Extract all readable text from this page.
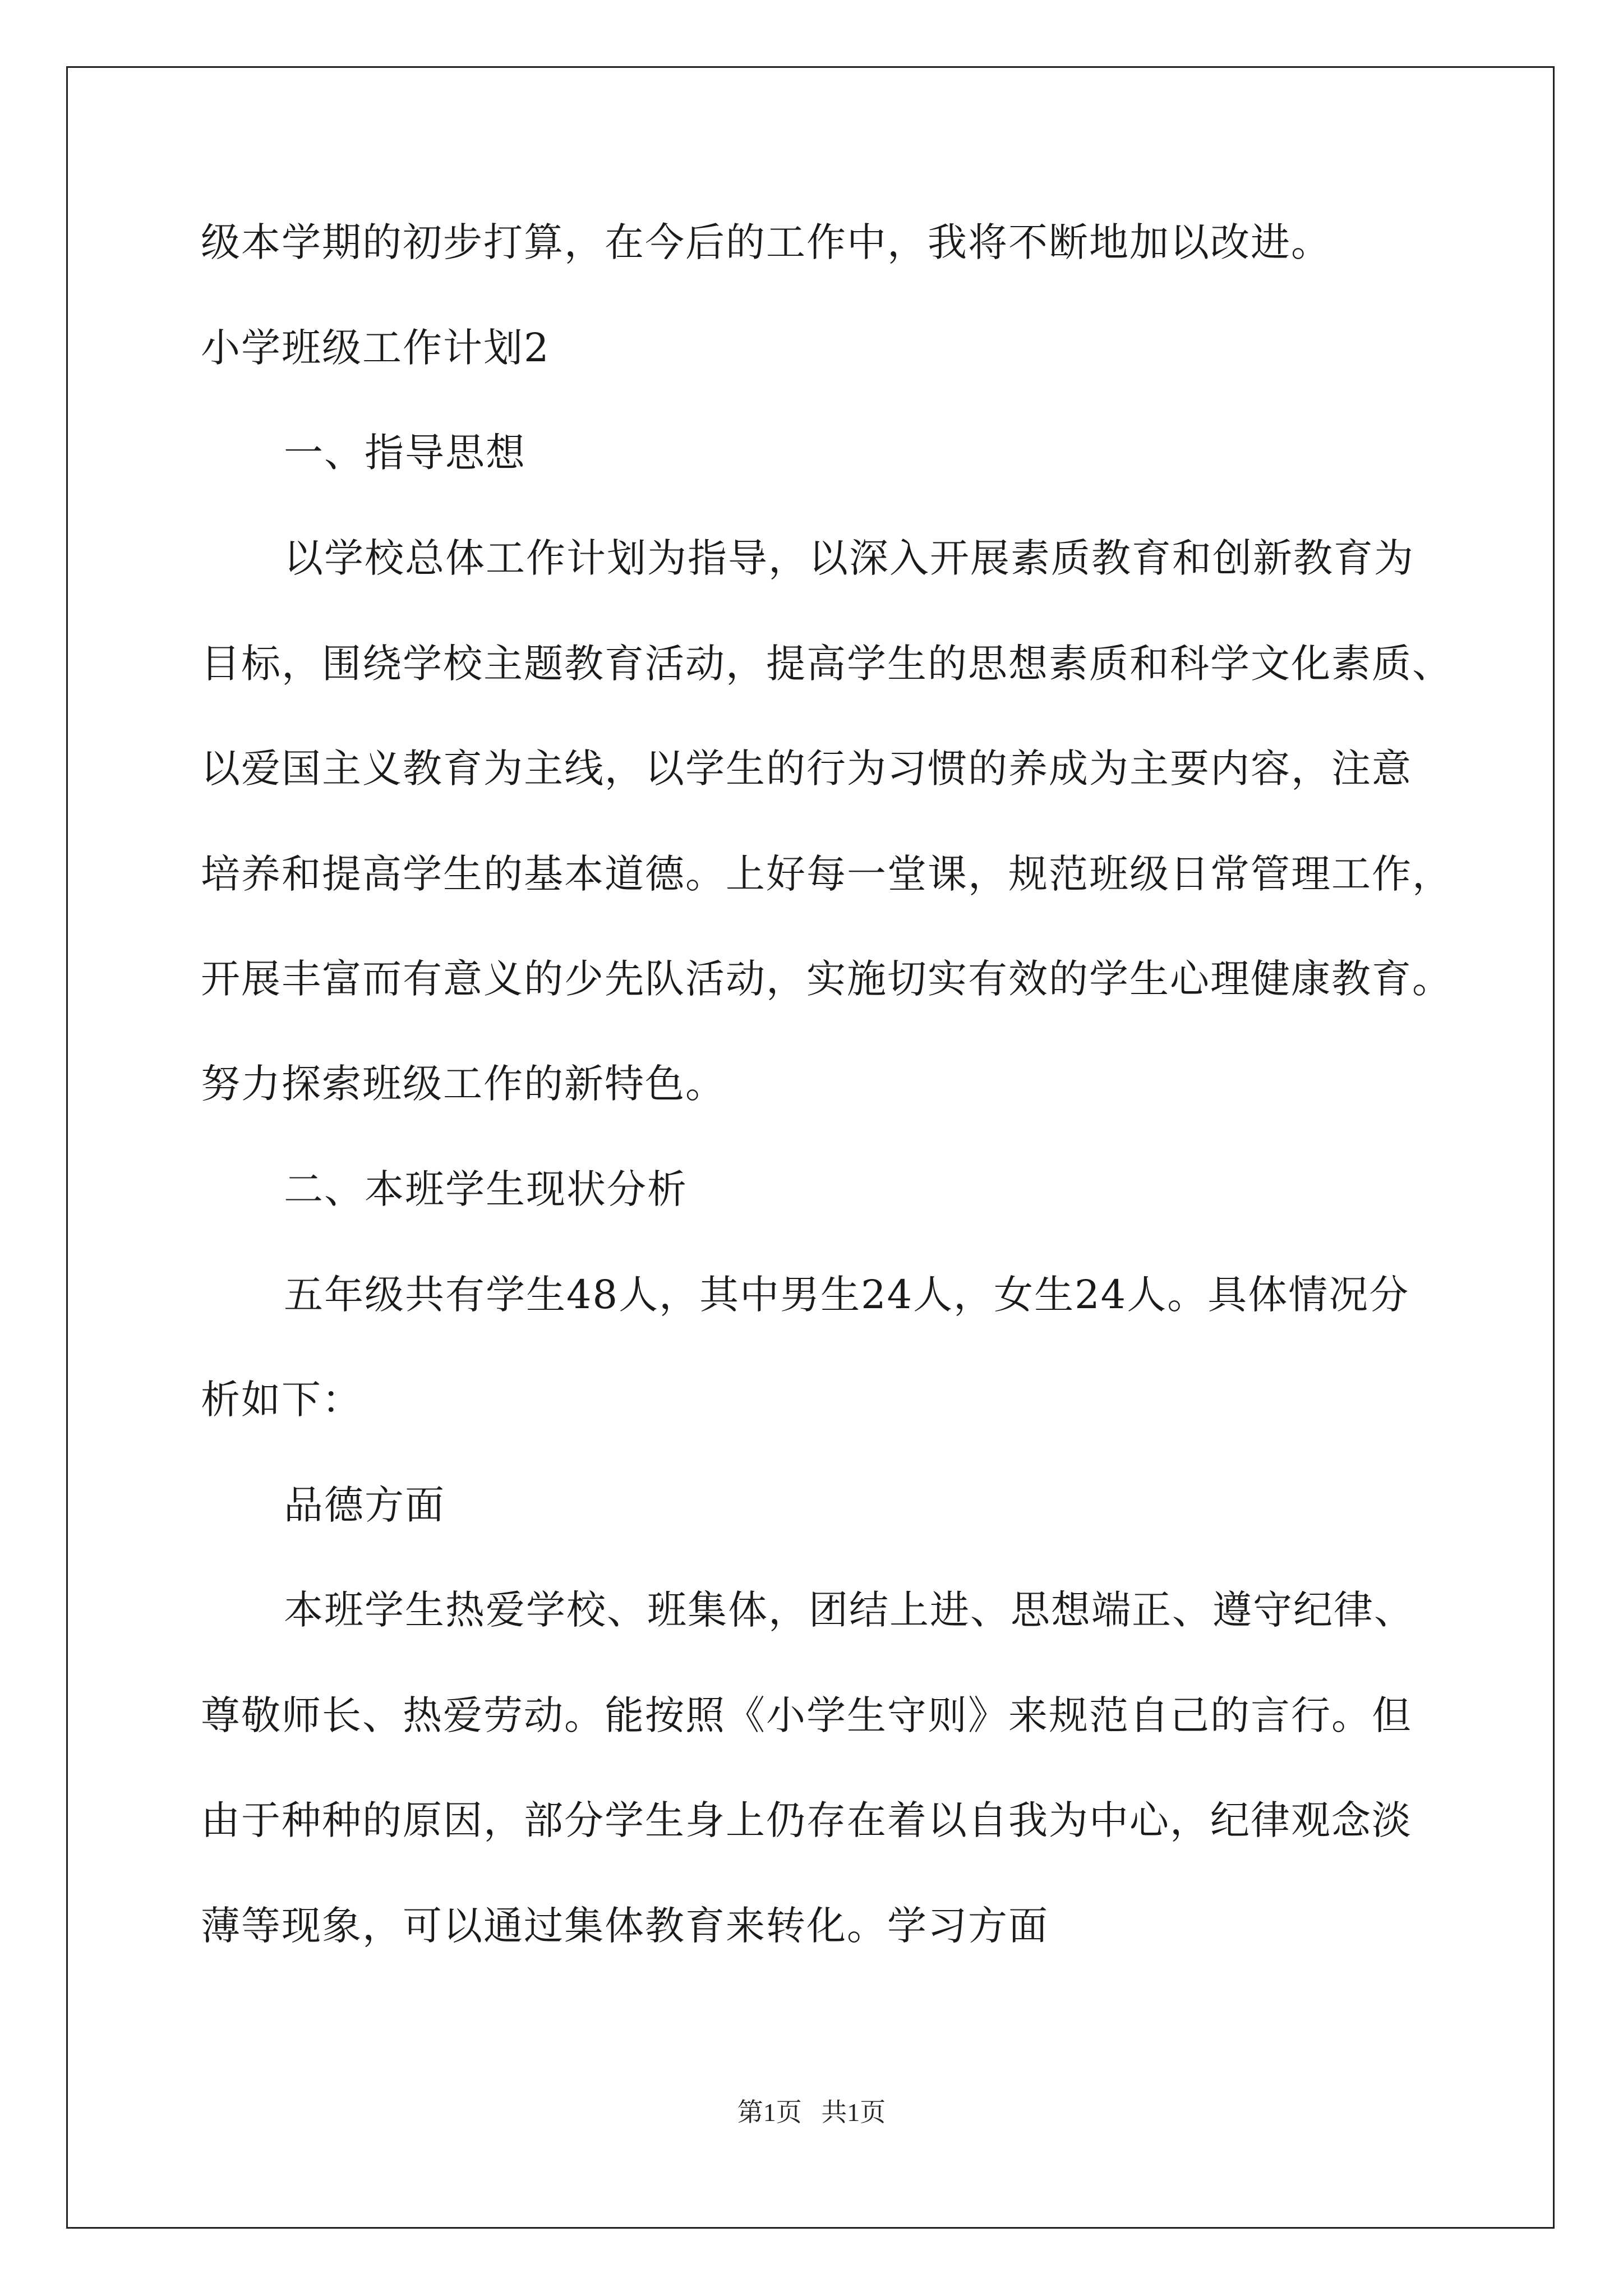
级本学期的初步打算，在今后的工作中，我将不断地加以改进。

小学班级工作计划2

一、指导思想

以学校总体工作计划为指导，以深入开展素质教育和创新教育为

目标，围绕学校主题教育活动，提高学生的思想素质和科学文化素质、

以爱国主义教育为主线，以学生的行为习惯的养成为主要内容，注意

培养和提高学生的基本道德。上好每一堂课，规范班级日常管理工作，

开展丰富而有意义的少先队活动，实施切实有效的学生心理健康教育。

努力探索班级工作的新特色。

二、本班学生现状分析

五年级共有学生48人，其中男生24人，女生24人。具体情况分

析如下：

品德方面

本班学生热爱学校、班集体，团结上进、思想端正、遵守纪律、

尊敬师长、热爱劳动。能按照《小学生守则》来规范自己的言行。但

由于种种的原因，部分学生身上仍存在着以自我为中心，纪律观念淡

薄等现象，可以通过集体教育来转化。学习方面

第1页   共1页
